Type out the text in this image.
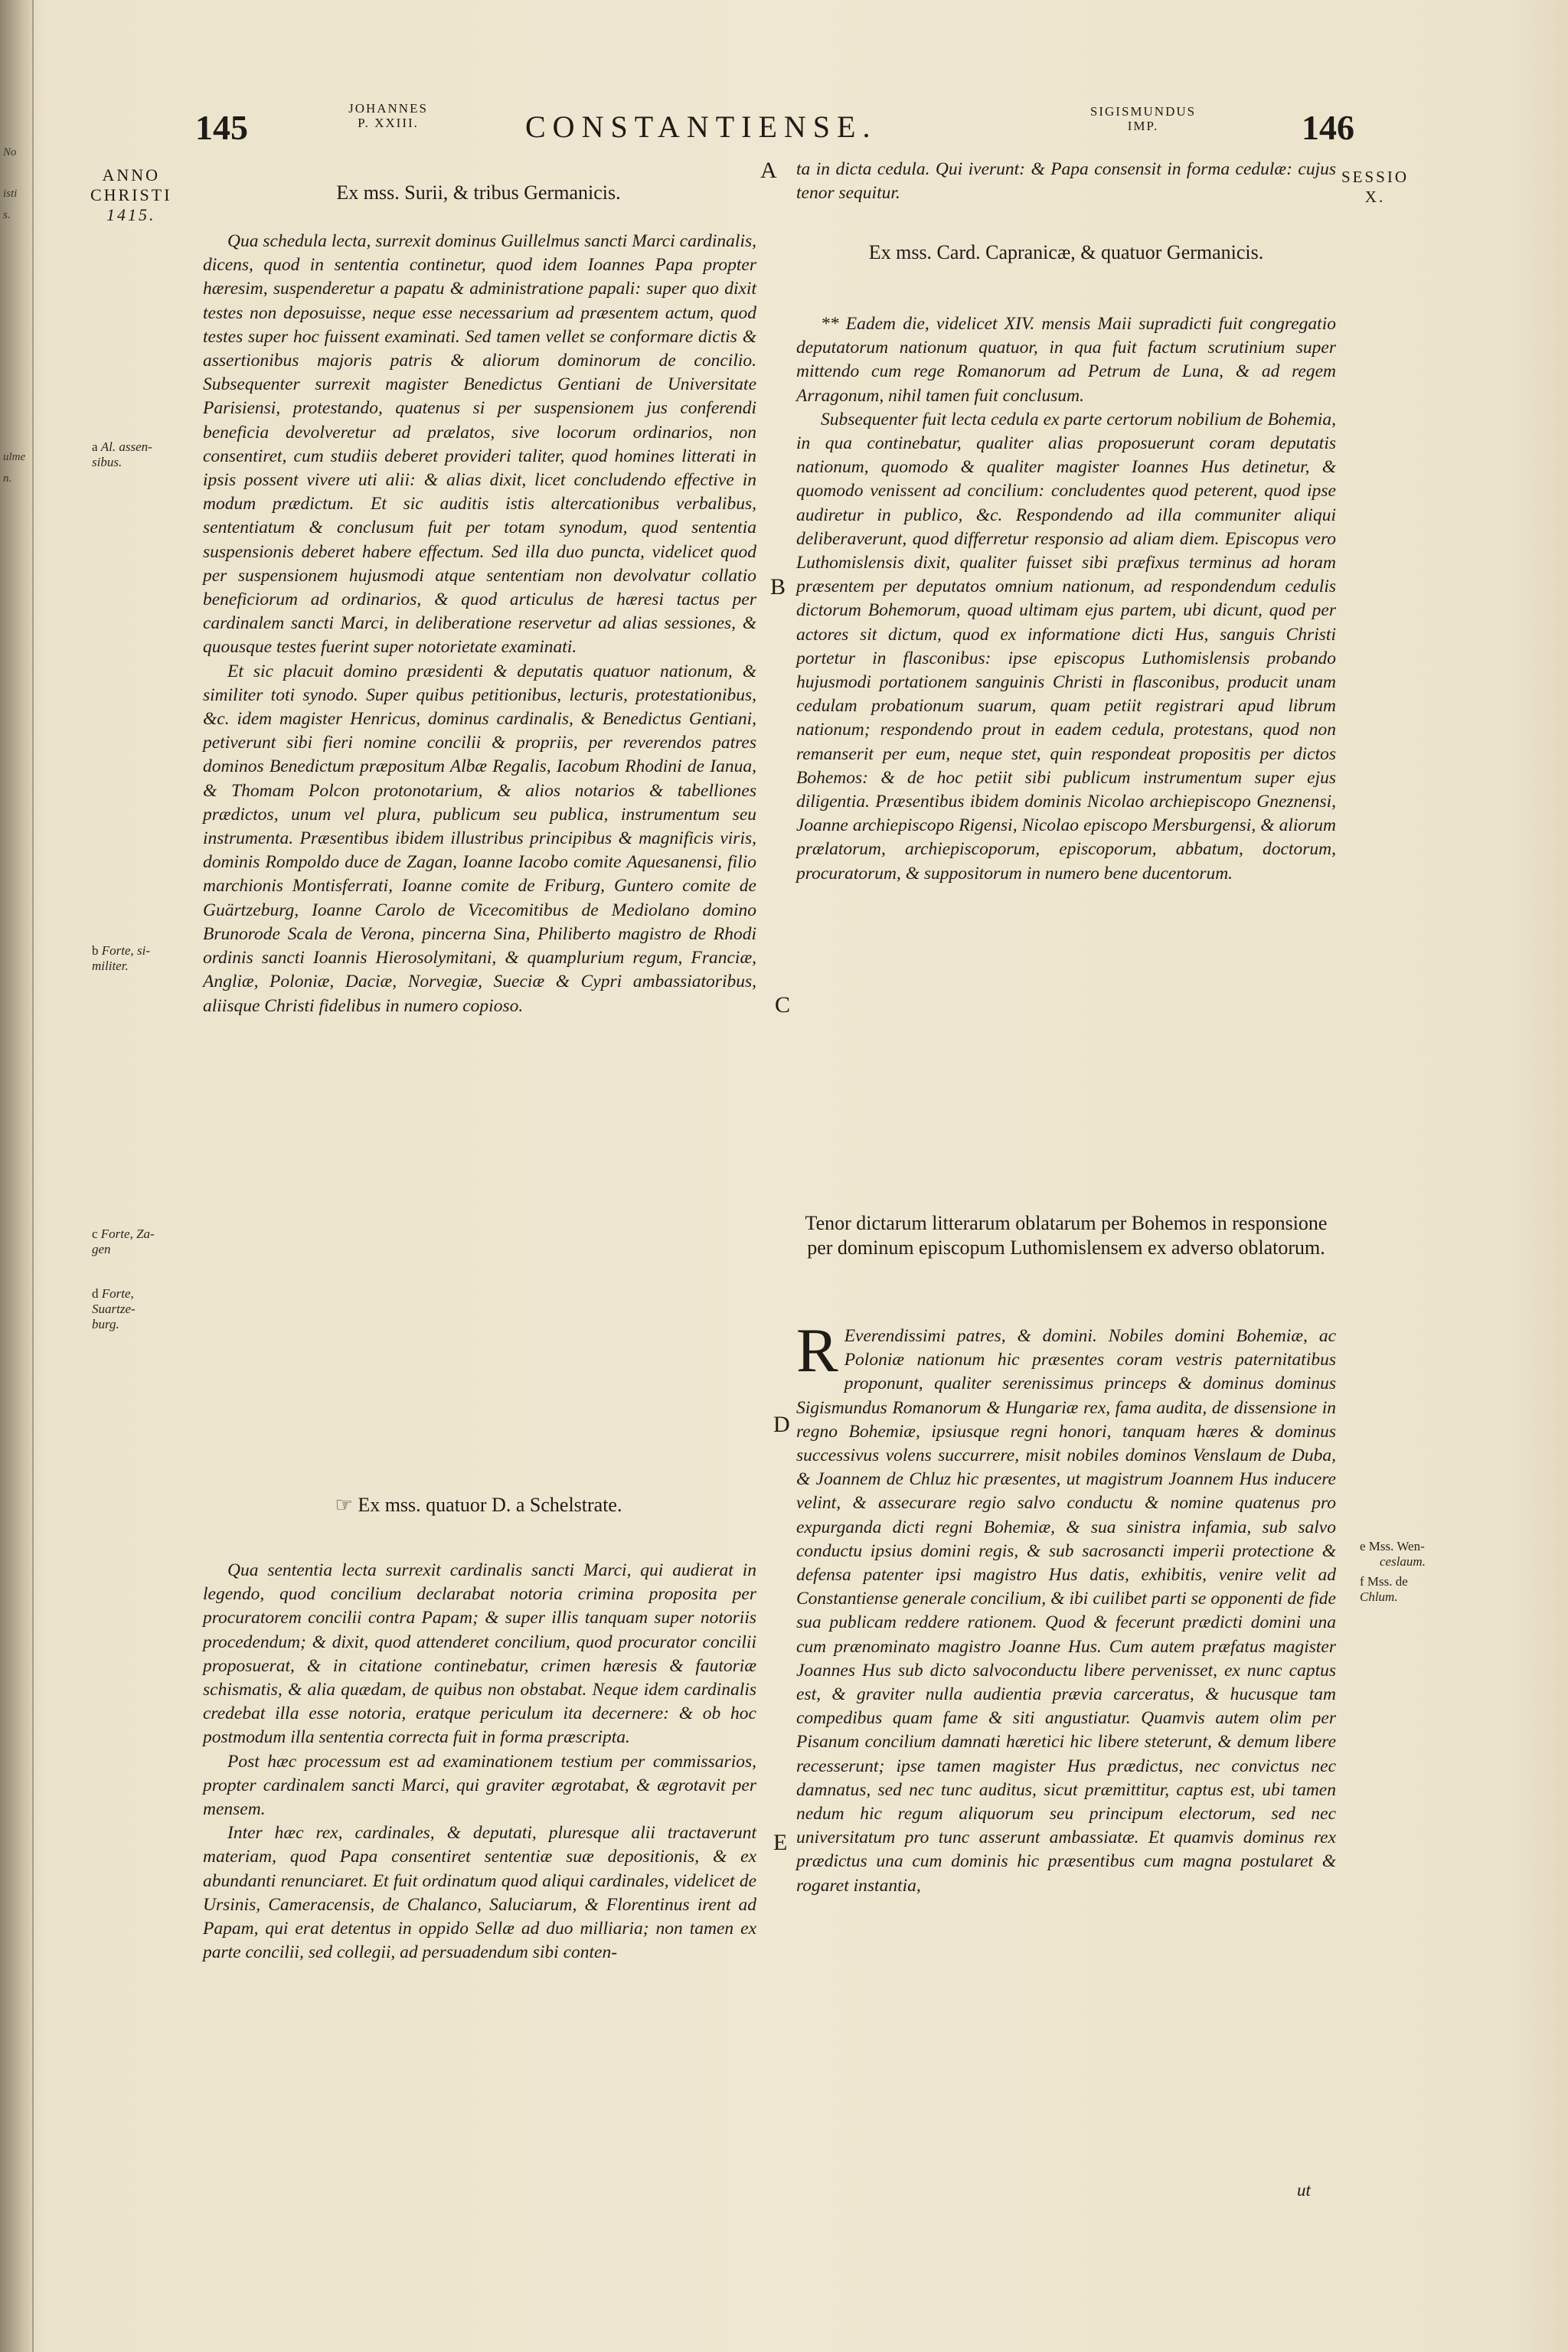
No
isti
s.
ulme
n.
145	JOHANNES
P. XXIII.	CONSTANTIENSE.	SIGISMUNDUS
IMP.	146
ANNO
CHRISTI
1415.
SESSIO
X.
a Al. assen-
sibus.
b Forte, si-
militer.
c Forte, Za-
gen
d Forte,
Suartze-
burg.
e Mss. Wen-
ceslaum.
f Mss. de
Chlum.
A
B
C
D
E
Ex mss. Surii, & tribus Germanicis.

Qua schedula lecta, surrexit dominus Guillelmus sancti Marci cardinalis, dicens, quod in sententia continetur, quod idem Ioannes Papa propter hæresim, suspenderetur a papatu & administratione papali: super quo dixit testes non deposuisse, neque esse necessarium ad præsentem actum, quod testes super hoc fuissent examinati. Sed tamen vellet se conformare dictis & assertionibus majoris patris & aliorum dominorum de concilio. Subsequenter surrexit magister Benedictus Gentiani de Universitate Parisiensi, protestando, quatenus si per suspensionem jus conferendi beneficia devolveretur ad prælatos, sive locorum ordinarios, non consentiret, cum studiis deberet provideri taliter, quod homines litterati in ipsis possent vivere uti alii: & alias dixit, licet concludendo effective in modum prædictum. Et sic auditis istis altercationibus verbalibus, sententiatum & conclusum fuit per totam synodum, quod sententia suspensionis deberet habere effectum. Sed illa duo puncta, videlicet quod per suspensionem hujusmodi atque sententiam non devolvatur collatio beneficiorum ad ordinarios, & quod articulus de hæresi tactus per cardinalem sancti Marci, in deliberatione reservetur ad alias sessiones, & quousque testes fuerint super notorietate examinati.

Et sic placuit domino præsidenti & deputatis quatuor nationum, & similiter toti synodo. Super quibus petitionibus, lecturis, protestationibus, &c. idem magister Henricus, dominus cardinalis, & Benedictus Gentiani, petiverunt sibi fieri nomine concilii & propriis, per reverendos patres dominos Benedictum præpositum Albæ Regalis, Iacobum Rhodini de Ianua, & Thomam Polcon protonotarium, & alios notarios & tabelliones prædictos, unum vel plura, publicum seu publica, instrumentum seu instrumenta. Præsentibus ibidem illustribus principibus & magnificis viris, dominis Rompoldo duce de Zagan, Ioanne Iacobo comite Aquesanensi, filio marchionis Montisferrati, Ioanne comite de Friburg, Guntero comite de Guärtzeburg, Ioanne Carolo de Vicecomitibus de Mediolano domino Brunorode Scala de Verona, pincerna Sina, Philiberto magistro de Rhodi ordinis sancti Ioannis Hierosolymitani, & quamplurium regum, Franciæ, Angliæ, Poloniæ, Daciæ, Norvegiæ, Sueciæ & Cypri ambassiatoribus, aliisque Christi fidelibus in numero copioso.

☞ Ex mss. quatuor D. a Schelstrate.

Qua sententia lecta surrexit cardinalis sancti Marci, qui audierat in legendo, quod concilium declarabat notoria crimina proposita per procuratorem concilii contra Papam; & super illis tanquam super notoriis procedendum; & dixit, quod attenderet concilium, quod procurator concilii proposuerat, & in citatione continebatur, crimen hæresis & fautoriæ schismatis, & alia quædam, de quibus non obstabat. Neque idem cardinalis credebat illa esse notoria, eratque periculum ita decernere: & ob hoc postmodum illa sententia correcta fuit in forma præscripta.

Post hæc processum est ad examinationem testium per commissarios, propter cardinalem sancti Marci, qui graviter ægrotabat, & ægrotavit per mensem.

Inter hæc rex, cardinales, & deputati, pluresque alii tractaverunt materiam, quod Papa consentiret sententiæ suæ depositionis, & ex abundanti renunciaret. Et fuit ordinatum quod aliqui cardinales, videlicet de Ursinis, Cameracensis, de Chalanco, Saluciarum, & Florentinus irent ad Papam, qui erat detentus in oppido Sellæ ad duo milliaria; non tamen ex parte concilii, sed collegii, ad persuadendum sibi conten-

ta in dicta cedula. Qui iverunt: & Papa consensit in forma cedulæ: cujus tenor sequitur.

Ex mss. Card. Capranicæ, & quatuor Germanicis.

** Eadem die, videlicet XIV. mensis Maii supradicti fuit congregatio deputatorum nationum quatuor, in qua fuit factum scrutinium super mittendo cum rege Romanorum ad Petrum de Luna, & ad regem Arragonum, nihil tamen fuit conclusum.

Subsequenter fuit lecta cedula ex parte certorum nobilium de Bohemia, in qua continebatur, qualiter alias proposuerunt coram deputatis nationum, quomodo & qualiter magister Ioannes Hus detinetur, & quomodo venissent ad concilium: concludentes quod peterent, quod ipse audiretur in publico, &c. Respondendo ad illa communiter aliqui deliberaverunt, quod differretur responsio ad aliam diem. Episcopus vero Luthomislensis dixit, qualiter fuisset sibi præfixus terminus ad horam præsentem per deputatos omnium nationum, ad respondendum cedulis dictorum Bohemorum, quoad ultimam ejus partem, ubi dicunt, quod per actores sit dictum, quod ex informatione dicti Hus, sanguis Christi portetur in flasconibus: ipse episcopus Luthomislensis probando hujusmodi portationem sanguinis Christi in flasconibus, producit unam cedulam probationum suarum, quam petiit registrari apud librum nationum; respondendo prout in eadem cedula, protestans, quod non remanserit per eum, neque stet, quin respondeat propositis per dictos Bohemos: & de hoc petiit sibi publicum instrumentum super ejus diligentia. Præsentibus ibidem dominis Nicolao archiepiscopo Gneznensi, Joanne archiepiscopo Rigensi, Nicolao episcopo Mersburgensi, & aliorum prælatorum, archiepiscoporum, episcoporum, abbatum, doctorum, procuratorum, & suppositorum in numero bene ducentorum.

Tenor dictarum litterarum oblatarum per Bohemos in responsione per dominum episcopum Luthomislensem ex adverso oblatorum.

R Everendissimi patres, & domini. Nobiles domini Bohemiæ, ac Poloniæ nationum hic præsentes coram vestris paternitatibus proponunt, qualiter serenissimus princeps & dominus dominus Sigismundus Romanorum & Hungariæ rex, fama audita, de dissensione in regno Bohemiæ, ipsiusque regni honori, tanquam hæres & dominus successivus volens succurrere, misit nobiles dominos Venslaum de Duba, & Joannem de Chluz hic præsentes, ut magistrum Joannem Hus inducere velint, & assecurare regio salvo conductu & nomine quatenus pro expurganda dicti regni Bohemiæ, & sua sinistra infamia, sub salvo conductu ipsius domini regis, & sub sacrosancti imperii protectione & defensa patenter ipsi magistro Hus datis, exhibitis, venire velit ad Constantiense generale concilium, & ibi cuilibet parti se opponenti de fide sua publicam reddere rationem. Quod & fecerunt prædicti domini una cum prænominato magistro Joanne Hus. Cum autem præfatus magister Joannes Hus sub dicto salvoconductu libere pervenisset, ex nunc captus est, & graviter nulla audientia prævia carceratus, & hucusque tam compedibus quam fame & siti angustiatur. Quamvis autem olim per Pisanum concilium damnati hæretici hic libere steterunt, & demum libere recesserunt; ipse tamen magister Hus prædictus, nec convictus nec damnatus, sed nec tunc auditus, sicut præmittitur, captus est, ubi tamen nedum hic regum aliquorum seu principum electorum, sed nec universitatum pro tunc asserunt ambassiatæ. Et quamvis dominus rex prædictus una cum dominis hic præsentibus cum magna postularet & rogaret instantia,

ut
